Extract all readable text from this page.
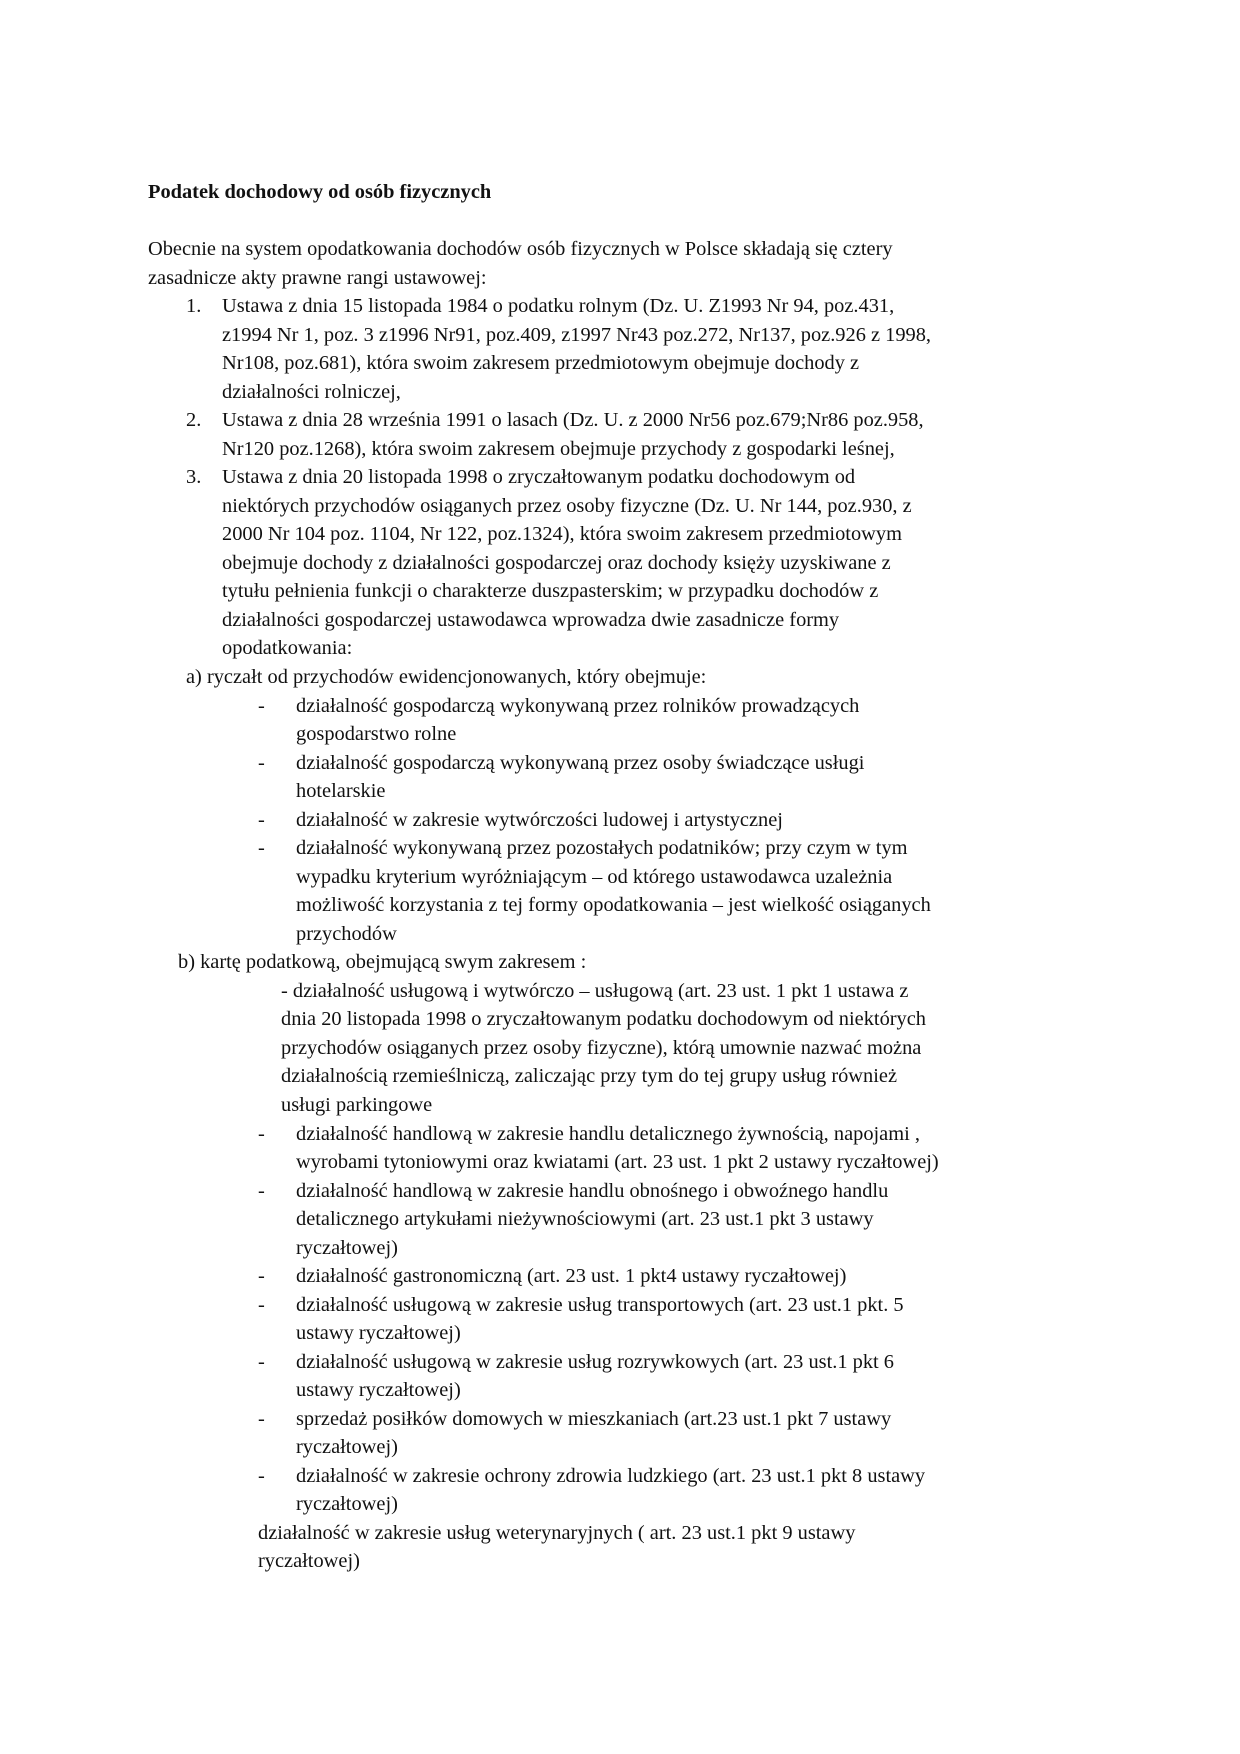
Podatek dochodowy od osób fizycznych
Obecnie na system opodatkowania dochodów osób fizycznych w Polsce składają się cztery
zasadnicze akty prawne rangi ustawowej:
1. Ustawa z dnia 15 listopada 1984 o podatku rolnym (Dz. U. Z1993 Nr 94, poz.431,
z1994 Nr 1, poz. 3 z1996 Nr91, poz.409, z1997 Nr43 poz.272, Nr137, poz.926 z 1998,
Nr108, poz.681), która swoim zakresem przedmiotowym obejmuje dochody z
działalności rolniczej,
2. Ustawa z dnia 28 września 1991 o lasach (Dz. U. z 2000 Nr56 poz.679;Nr86 poz.958,
Nr120 poz.1268), która swoim zakresem obejmuje przychody z gospodarki leśnej,
3. Ustawa z dnia 20 listopada 1998 o zryczałtowanym podatku dochodowym od
niektórych przychodów osiąganych przez osoby fizyczne (Dz. U. Nr 144, poz.930, z
2000 Nr 104 poz. 1104, Nr 122, poz.1324), która swoim zakresem przedmiotowym
obejmuje dochody z działalności gospodarczej oraz dochody księży uzyskiwane z
tytułu pełnienia funkcji o charakterze duszpasterskim; w przypadku dochodów z
działalności gospodarczej ustawodawca wprowadza dwie zasadnicze formy
opodatkowania:
a) ryczałt od przychodów ewidencjonowanych, który obejmuje:
- działalność gospodarczą wykonywaną przez rolników prowadzących
gospodarstwo rolne
- działalność gospodarczą wykonywaną przez osoby świadczące usługi
hotelarskie
- działalność w zakresie wytwórczości ludowej i artystycznej
- działalność wykonywaną przez pozostałych podatników; przy czym w tym
wypadku kryterium wyróżniającym – od którego ustawodawca uzależnia
możliwość korzystania z tej formy opodatkowania – jest wielkość osiąganych
przychodów
b) kartę podatkową, obejmującą swym zakresem :
- działalność usługową i wytwórczo – usługową (art. 23 ust. 1 pkt 1 ustawa z
dnia 20 listopada 1998 o zryczałtowanym podatku dochodowym od niektórych
przychodów osiąganych przez osoby fizyczne), którą umownie nazwać można
działalnością rzemieślniczą, zaliczając przy tym do tej grupy usług również
usługi parkingowe
- działalność handlową w zakresie handlu detalicznego żywnością, napojami ,
wyrobami tytoniowymi oraz kwiatami (art. 23 ust. 1 pkt 2 ustawy ryczałtowej)
- działalność handlową w zakresie handlu obnośnego i obwoźnego handlu
detalicznego artykułami nieżywnościowymi (art. 23 ust.1 pkt 3 ustawy
ryczałtowej)
- działalność gastronomiczną (art. 23 ust. 1 pkt4 ustawy ryczałtowej)
- działalność usługową w zakresie usług transportowych (art. 23 ust.1 pkt. 5
ustawy ryczałtowej)
- działalność usługową w zakresie usług rozrywkowych (art. 23 ust.1 pkt 6
ustawy ryczałtowej)
- sprzedaż posiłków domowych w mieszkaniach (art.23 ust.1 pkt 7 ustawy
ryczałtowej)
- działalność w zakresie ochrony zdrowia ludzkiego (art. 23 ust.1 pkt 8 ustawy
ryczałtowej)
działalność w zakresie usług weterynaryjnych ( art. 23 ust.1 pkt 9 ustawy
ryczałtowej)
